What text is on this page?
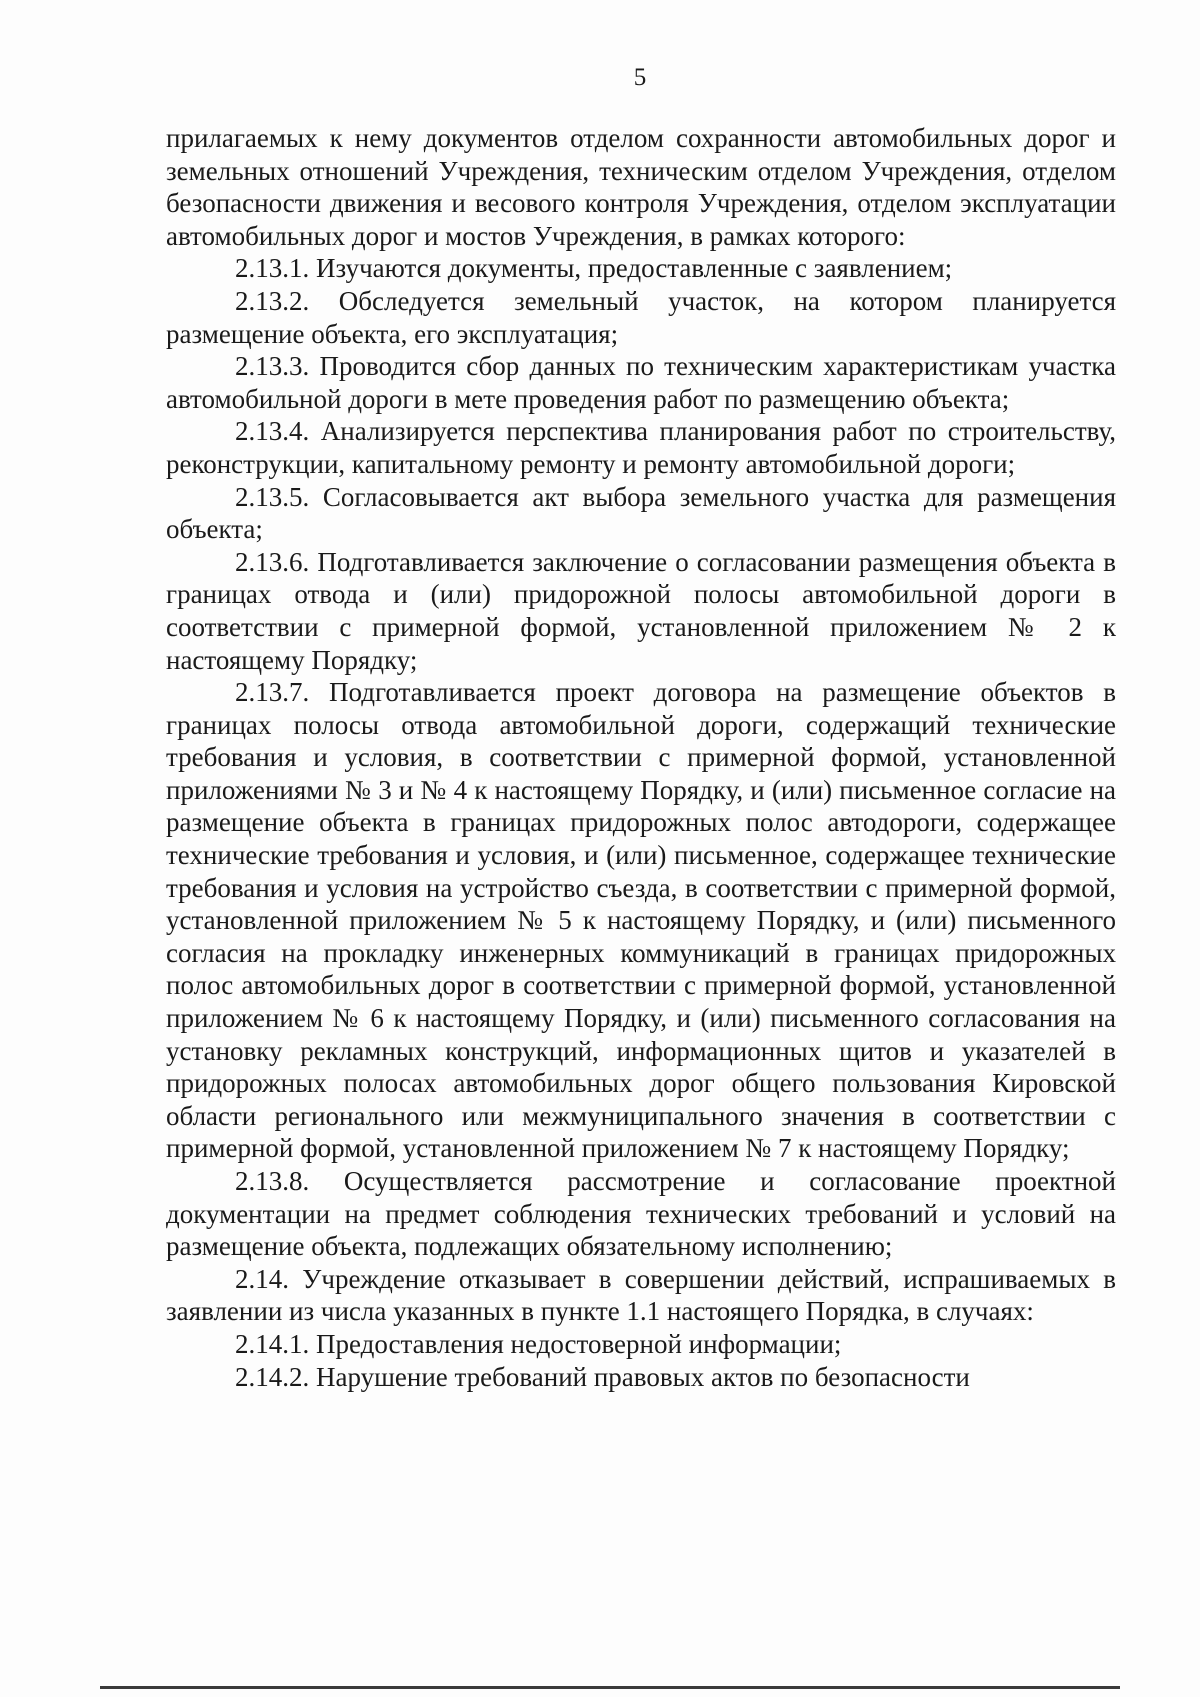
5

прилагаемых к нему документов отделом сохранности автомобильных дорог и земельных отношений Учреждения, техническим отделом Учреждения, отделом безопасности движения и весового контроля Учреждения, отделом эксплуатации автомобильных дорог и мостов Учреждения, в рамках которого:

2.13.1. Изучаются документы, предоставленные с заявлением;

2.13.2. Обследуется земельный участок, на котором планируется размещение объекта, его эксплуатация;

2.13.3. Проводится сбор данных по техническим характеристикам участка автомобильной дороги в мете проведения работ по размещению объекта;

2.13.4. Анализируется перспектива планирования работ по строительству, реконструкции, капитальному ремонту и ремонту автомобильной дороги;

2.13.5. Согласовывается акт выбора земельного участка для размещения объекта;

2.13.6. Подготавливается заключение о согласовании размещения объекта в границах отвода и (или) придорожной полосы автомобильной дороги в соответствии с примерной формой, установленной приложением № 2 к настоящему Порядку;

2.13.7. Подготавливается проект договора на размещение объектов в границах полосы отвода автомобильной дороги, содержащий технические требования и условия, в соответствии с примерной формой, установленной приложениями № 3 и № 4 к настоящему Порядку, и (или) письменное согласие на размещение объекта в границах придорожных полос автодороги, содержащее технические требования и условия, и (или) письменное, содержащее технические требования и условия на устройство съезда, в соответствии с примерной формой, установленной приложением № 5 к настоящему Порядку, и (или) письменного согласия на прокладку инженерных коммуникаций в границах придорожных полос автомобильных дорог в соответствии с примерной формой, установленной приложением № 6 к настоящему Порядку, и (или) письменного согласования на установку рекламных конструкций, информационных щитов и указателей в придорожных полосах автомобильных дорог общего пользования Кировской области регионального или межмуниципального значения в соответствии с примерной формой, установленной приложением № 7 к настоящему Порядку;

2.13.8. Осуществляется рассмотрение и согласование проектной документации на предмет соблюдения технических требований и условий на размещение объекта, подлежащих обязательному исполнению;

2.14. Учреждение отказывает в совершении действий, испрашиваемых в заявлении из числа указанных в пункте 1.1 настоящего Порядка, в случаях:

2.14.1. Предоставления недостоверной информации;

2.14.2. Нарушение требований правовых актов по безопасности
